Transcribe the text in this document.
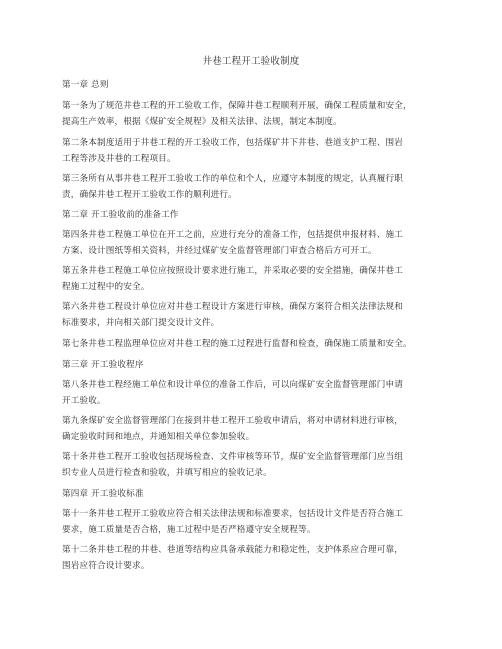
井巷工程开工验收制度
第一章 总则
第一条为了规范井巷工程的开工验收工作，保障井巷工程顺利开展，确保工程质量和安全，
提高生产效率，根据《煤矿安全规程》及相关法律、法规，制定本制度。
第二条本制度适用于井巷工程的开工验收工作，包括煤矿井下井巷、巷道支护工程、围岩
工程等涉及井巷的工程项目。
第三条所有从事井巷工程开工验收工作的单位和个人，应遵守本制度的规定，认真履行职
责，确保井巷工程开工验收工作的顺利进行。
第二章 开工验收前的准备工作
第四条井巷工程施工单位在开工之前，应进行充分的准备工作，包括提供申报材料、施工
方案、设计图纸等相关资料，并经过煤矿安全监督管理部门审查合格后方可开工。
第五条井巷工程施工单位应按照设计要求进行施工，并采取必要的安全措施，确保井巷工
程施工过程中的安全。
第六条井巷工程设计单位应对井巷工程设计方案进行审核，确保方案符合相关法律法规和
标准要求，并向相关部门提交设计文件。
第七条井巷工程监理单位应对井巷工程的施工过程进行监督和检查，确保施工质量和安全。
第三章 开工验收程序
第八条井巷工程经施工单位和设计单位的准备工作后，可以向煤矿安全监督管理部门申请
开工验收。
第九条煤矿安全监督管理部门在接到井巷工程开工验收申请后，将对申请材料进行审核，
确定验收时间和地点，并通知相关单位参加验收。
第十条井巷工程开工验收包括现场检查、文件审核等环节，煤矿安全监督管理部门应当组
织专业人员进行检查和验收，并填写相应的验收记录。
第四章 开工验收标准
第十一条井巷工程开工验收应符合相关法律法规和标准要求，包括设计文件是否符合施工
要求，施工质量是否合格，施工过程中是否严格遵守安全规程等。
第十二条井巷工程的井巷、巷道等结构应具备承载能力和稳定性，支护体系应合理可靠，
围岩应符合设计要求。
